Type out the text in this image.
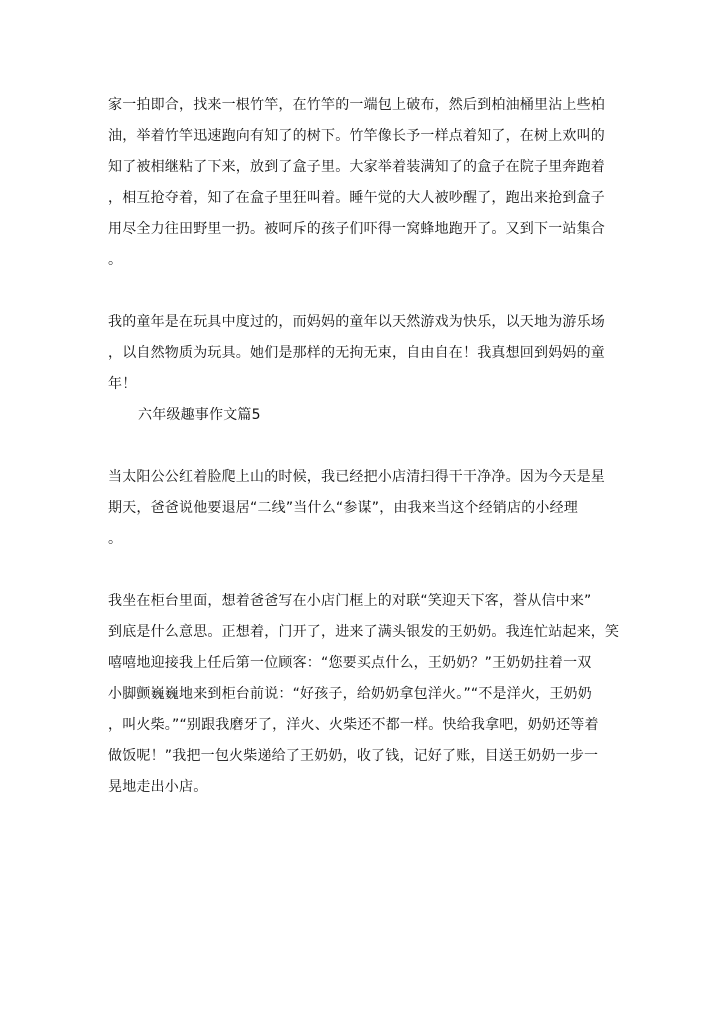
家一拍即合，找来一根竹竿，在竹竿的一端包上破布，然后到柏油桶里沾上些柏
油，举着竹竿迅速跑向有知了的树下。竹竿像长予一样点着知了，在树上欢叫的
知了被相继粘了下来，放到了盒子里。大家举着装满知了的盒子在院子里奔跑着
，相互抢夺着，知了在盒子里狂叫着。睡午觉的大人被吵醒了，跑出来抢到盒子
用尽全力往田野里一扔。被呵斥的孩子们吓得一窝蜂地跑开了。又到下一站集合
。
我的童年是在玩具中度过的，而妈妈的童年以天然游戏为快乐，以天地为游乐场
，以自然物质为玩具。她们是那样的无拘无束，自由自在！我真想回到妈妈的童
年！
六年级趣事作文篇5
当太阳公公红着脸爬上山的时候，我已经把小店清扫得干干净净。因为今天是星
期天，爸爸说他要退居“二线”当什么“参谋”，由我来当这个经销店的小经理
。
我坐在柜台里面，想着爸爸写在小店门框上的对联“笑迎天下客，誉从信中来”
到底是什么意思。正想着，门开了，进来了满头银发的王奶奶。我连忙站起来，笑
嘻嘻地迎接我上任后第一位顾客：“您要买点什么，王奶奶？”王奶奶拄着一双
小脚颤巍巍地来到柜台前说：“好孩子，给奶奶拿包洋火。”“不是洋火，王奶奶
，叫火柴。”“别跟我磨牙了，洋火、火柴还不都一样。快给我拿吧，奶奶还等着
做饭呢！”我把一包火柴递给了王奶奶，收了钱，记好了账，目送王奶奶一步一
晃地走出小店。
